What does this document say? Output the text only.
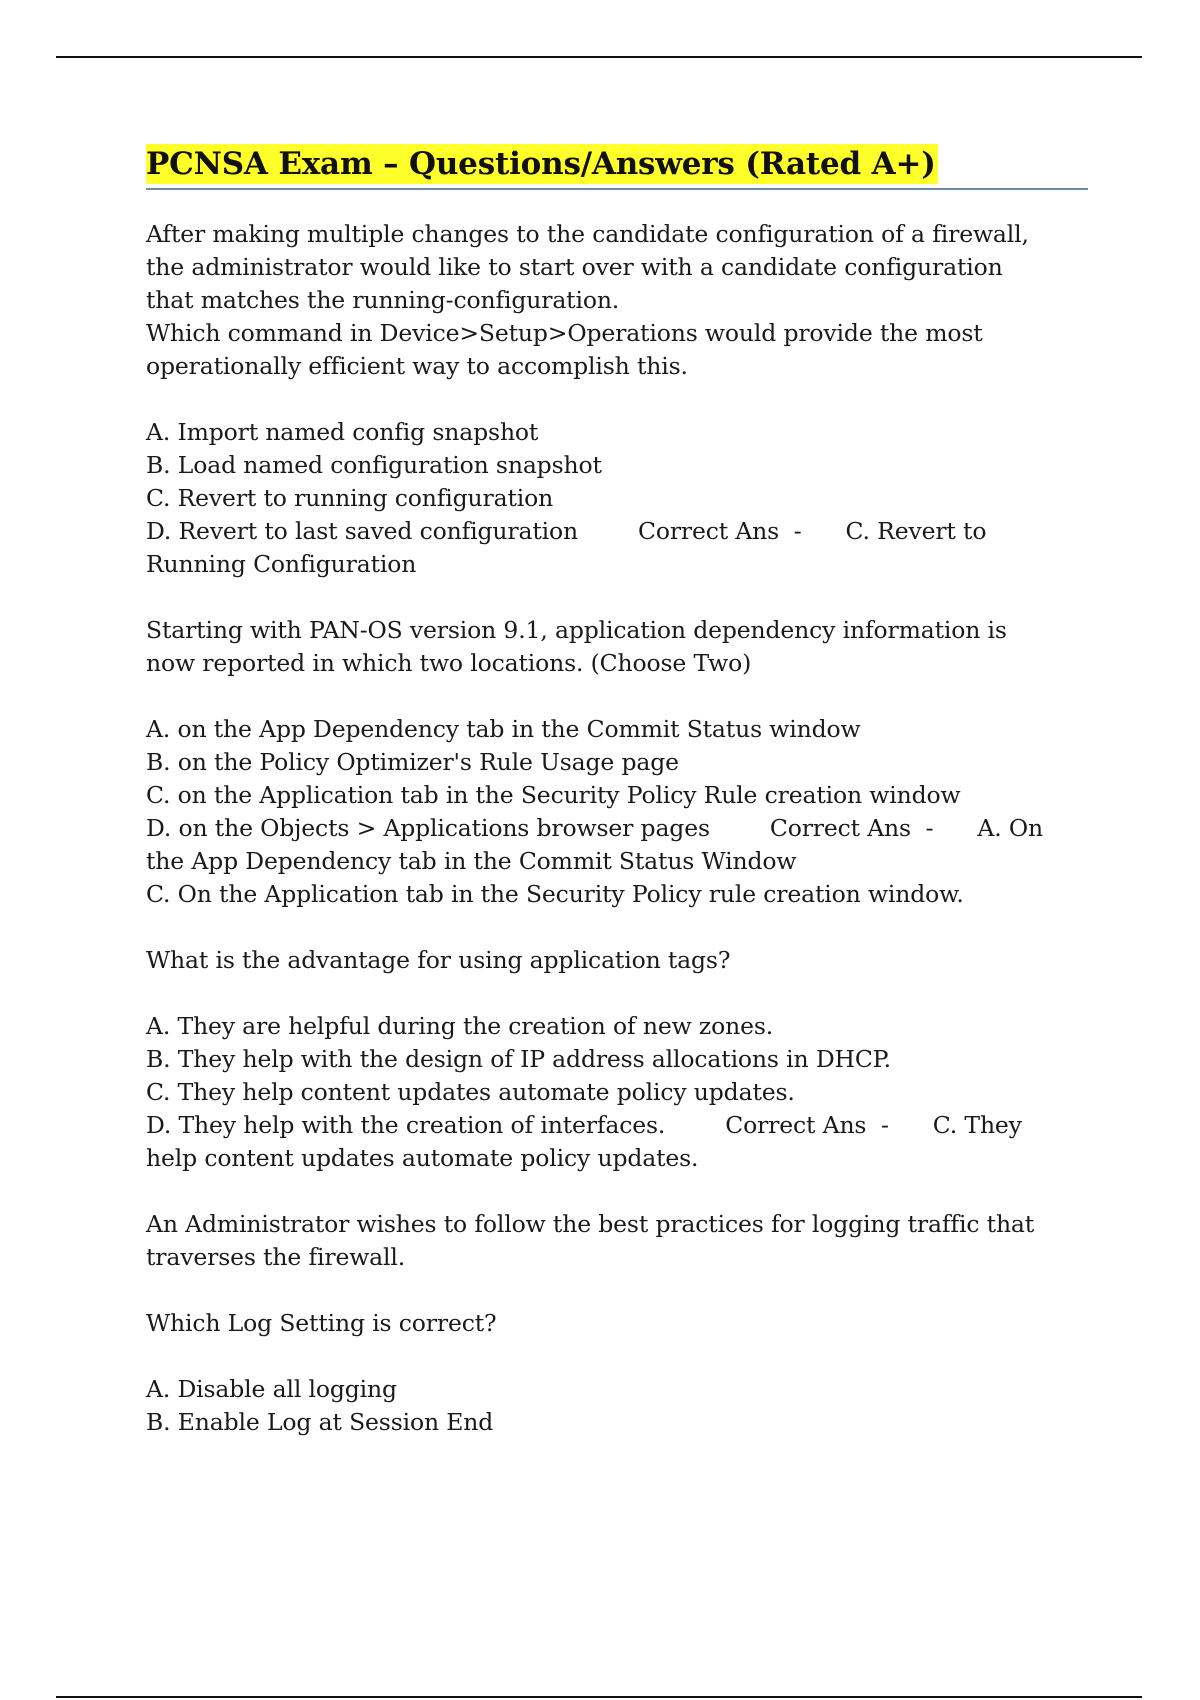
PCNSA Exam – Questions/Answers (Rated A+)
After making multiple changes to the candidate configuration of a firewall,
the administrator would like to start over with a candidate configuration
that matches the running-configuration.
Which command in Device>Setup>Operations would provide the most
operationally efficient way to accomplish this.
A. Import named config snapshot
B. Load named configuration snapshot
C. Revert to running configuration
D. Revert to last saved configuration	Correct Ans  - C. Revert to
Running Configuration
Starting with PAN-OS version 9.1, application dependency information is
now reported in which two locations. (Choose Two)
A. on the App Dependency tab in the Commit Status window
B. on the Policy Optimizer's Rule Usage page
C. on the Application tab in the Security Policy Rule creation window
D. on the Objects > Applications browser pages	Correct Ans  - A. On
the App Dependency tab in the Commit Status Window
C. On the Application tab in the Security Policy rule creation window.
What is the advantage for using application tags?
A. They are helpful during the creation of new zones.
B. They help with the design of IP address allocations in DHCP.
C. They help content updates automate policy updates.
D. They help with the creation of interfaces.	Correct Ans  - C. They
help content updates automate policy updates.
An Administrator wishes to follow the best practices for logging traffic that
traverses the firewall.
Which Log Setting is correct?
A. Disable all logging
B. Enable Log at Session End
